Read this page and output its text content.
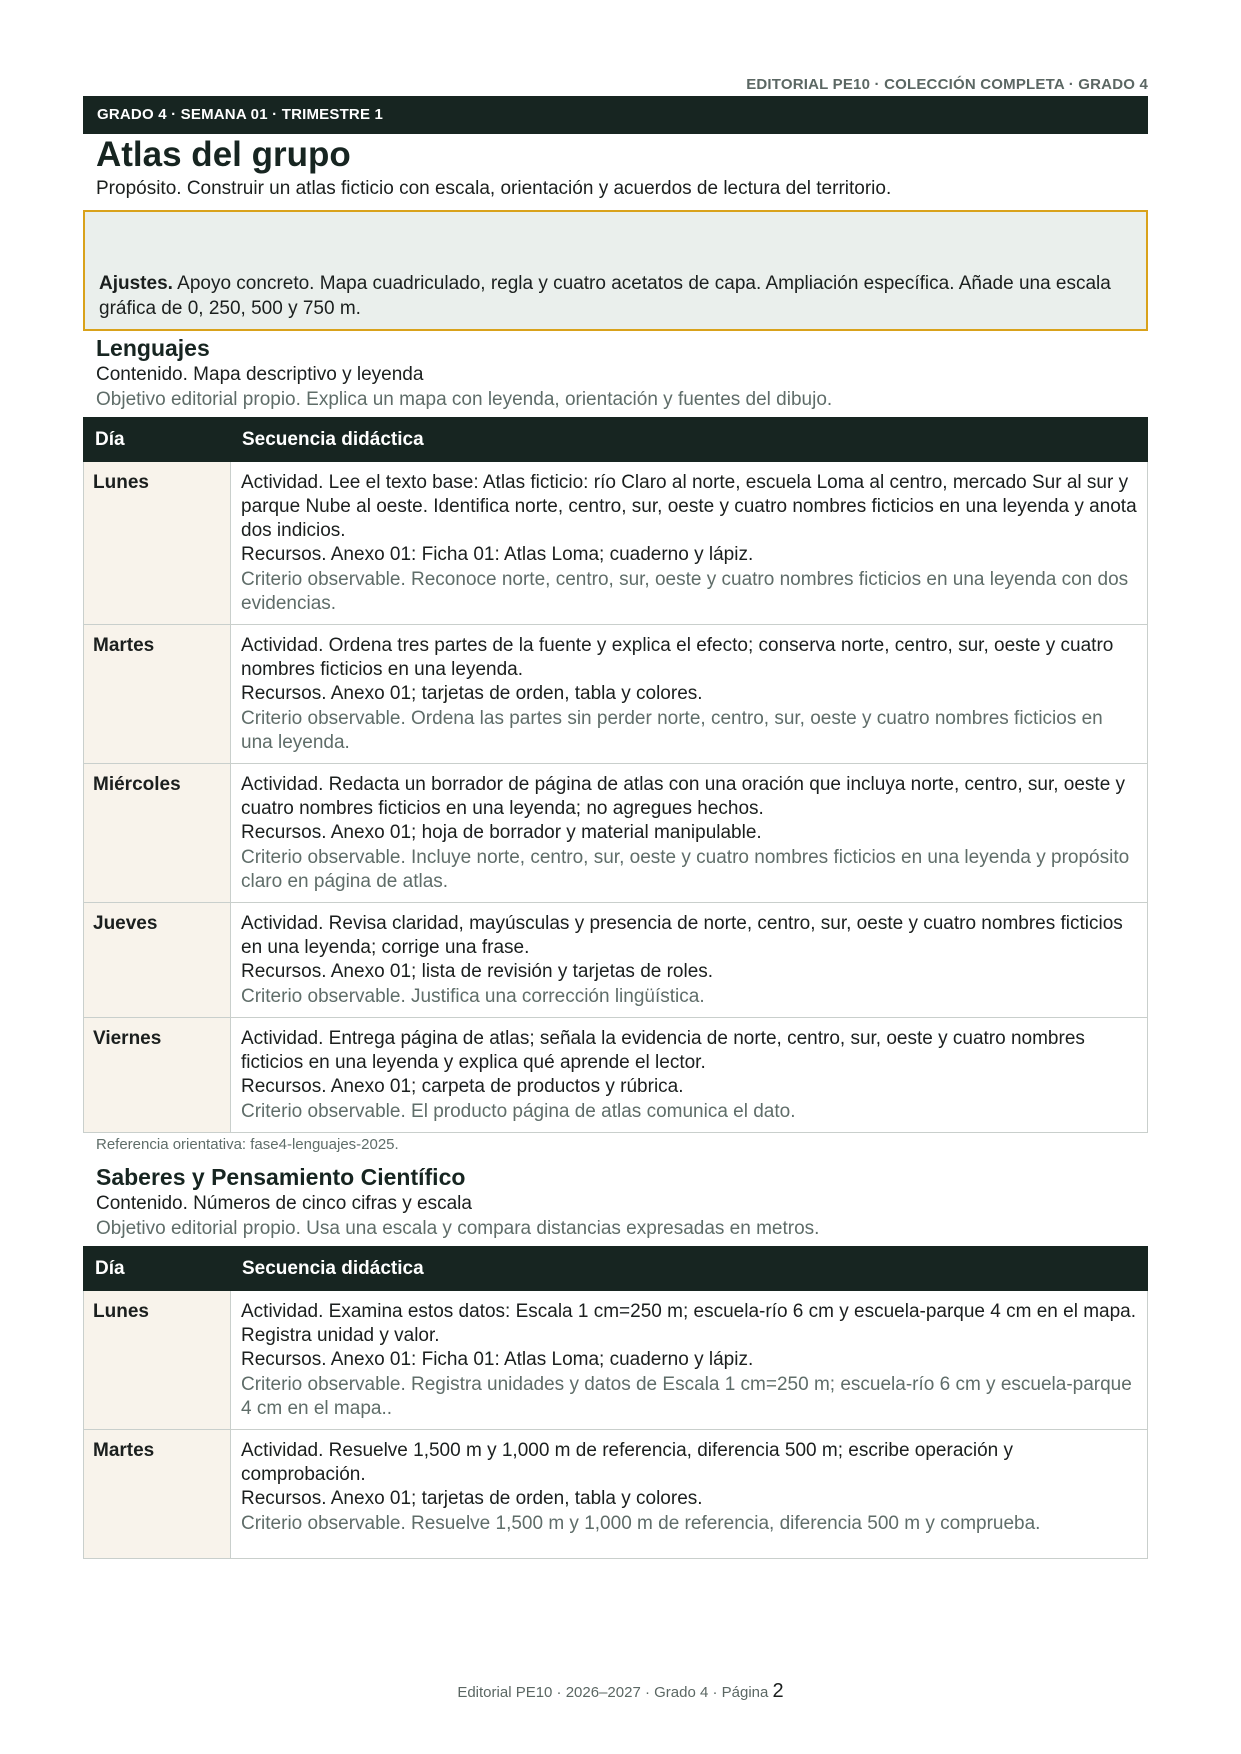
EDITORIAL PE10 · COLECCIÓN COMPLETA · GRADO 4
GRADO 4 · SEMANA 01 · TRIMESTRE 1
Atlas del grupo
Propósito. Construir un atlas ficticio con escala, orientación y acuerdos de lectura del territorio.
Ajustes. Apoyo concreto. Mapa cuadriculado, regla y cuatro acetatos de capa. Ampliación específica. Añade una escala gráfica de 0, 250, 500 y 750 m.
Lenguajes
Contenido. Mapa descriptivo y leyenda
Objetivo editorial propio. Explica un mapa con leyenda, orientación y fuentes del dibujo.
Día	Secuencia didáctica
Lunes	Actividad. Lee el texto base: Atlas ficticio: río Claro al norte, escuela Loma al centro, mercado Sur al sur y parque Nube al oeste. Identifica norte, centro, sur, oeste y cuatro nombres ficticios en una leyenda y anota dos indicios.
Recursos. Anexo 01: Ficha 01: Atlas Loma; cuaderno y lápiz.
Criterio observable. Reconoce norte, centro, sur, oeste y cuatro nombres ficticios en una leyenda con dos evidencias.

Martes	Actividad. Ordena tres partes de la fuente y explica el efecto; conserva norte, centro, sur, oeste y cuatro nombres ficticios en una leyenda.
Recursos. Anexo 01; tarjetas de orden, tabla y colores.
Criterio observable. Ordena las partes sin perder norte, centro, sur, oeste y cuatro nombres ficticios en una leyenda.

Miércoles	Actividad. Redacta un borrador de página de atlas con una oración que incluya norte, centro, sur, oeste y cuatro nombres ficticios en una leyenda; no agregues hechos.
Recursos. Anexo 01; hoja de borrador y material manipulable.
Criterio observable. Incluye norte, centro, sur, oeste y cuatro nombres ficticios en una leyenda y propósito claro en página de atlas.

Jueves	Actividad. Revisa claridad, mayúsculas y presencia de norte, centro, sur, oeste y cuatro nombres ficticios en una leyenda; corrige una frase.
Recursos. Anexo 01; lista de revisión y tarjetas de roles.
Criterio observable. Justifica una corrección lingüística.

Viernes	Actividad. Entrega página de atlas; señala la evidencia de norte, centro, sur, oeste y cuatro nombres ficticios en una leyenda y explica qué aprende el lector.
Recursos. Anexo 01; carpeta de productos y rúbrica.
Criterio observable. El producto página de atlas comunica el dato.
Referencia orientativa: fase4-lenguajes-2025.
Saberes y Pensamiento Científico
Contenido. Números de cinco cifras y escala
Objetivo editorial propio. Usa una escala y compara distancias expresadas en metros.
Día	Secuencia didáctica
Lunes	Actividad. Examina estos datos: Escala 1 cm=250 m; escuela-río 6 cm y escuela-parque 4 cm en el mapa. Registra unidad y valor.
Recursos. Anexo 01: Ficha 01: Atlas Loma; cuaderno y lápiz.
Criterio observable. Registra unidades y datos de Escala 1 cm=250 m; escuela-río 6 cm y escuela-parque 4 cm en el mapa..

Martes	Actividad. Resuelve 1,500 m y 1,000 m de referencia, diferencia 500 m; escribe operación y comprobación.
Recursos. Anexo 01; tarjetas de orden, tabla y colores.
Criterio observable. Resuelve 1,500 m y 1,000 m de referencia, diferencia 500 m y comprueba.
Editorial PE10 · 2026–2027 · Grado 4 · Página 2
